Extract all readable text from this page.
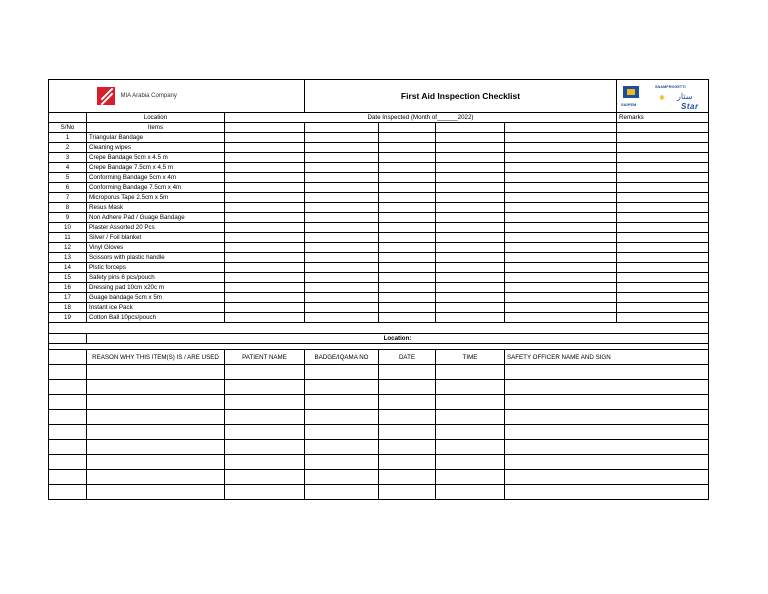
	MIA Arabia Company		First Aid Inspection Checklist				SAIPEM
SNAMPROGETTI
✺ ستار
Star

	Location	Date Inspected (Month of______2022)					Remarks
S/No	Items						
1	Triangular Bandage						
2	Cleaning wipes						
3	Crepe Bandage 5cm x 4.5 m						
4	Crepe Bandage 7.5cm x 4.5 m						
5	Conforming Bandage 5cm x 4m						
6	Conforming Bandage 7.5cm x 4m						
7	Microporus Tape 2.5cm x 5m						
8	Resus Mask						
9	Non Adhere Pad / Guage Bandage						
10	Plaster Assorted 20 Pcs						
11	Silver / Foil blanket						
12	Vinyl Gloves						
13	Scissors with plastic handle						
14	Plstic forceps						
15	Safety pins 6 pcs/pouch						
16	Dressing pad 10cm x20c m						
17	Guage bandage 5cm x 5m						
18	Instant ice Pack						
19	Cotton Ball 10pcs/pouch						

	Location:						

	REASON WHY THIS ITEM(S) IS / ARE USED	PATIENT NAME	BADGE/IQAMA NO	DATE	TIME	SAFETY OFFICER NAME AND SIGN	
